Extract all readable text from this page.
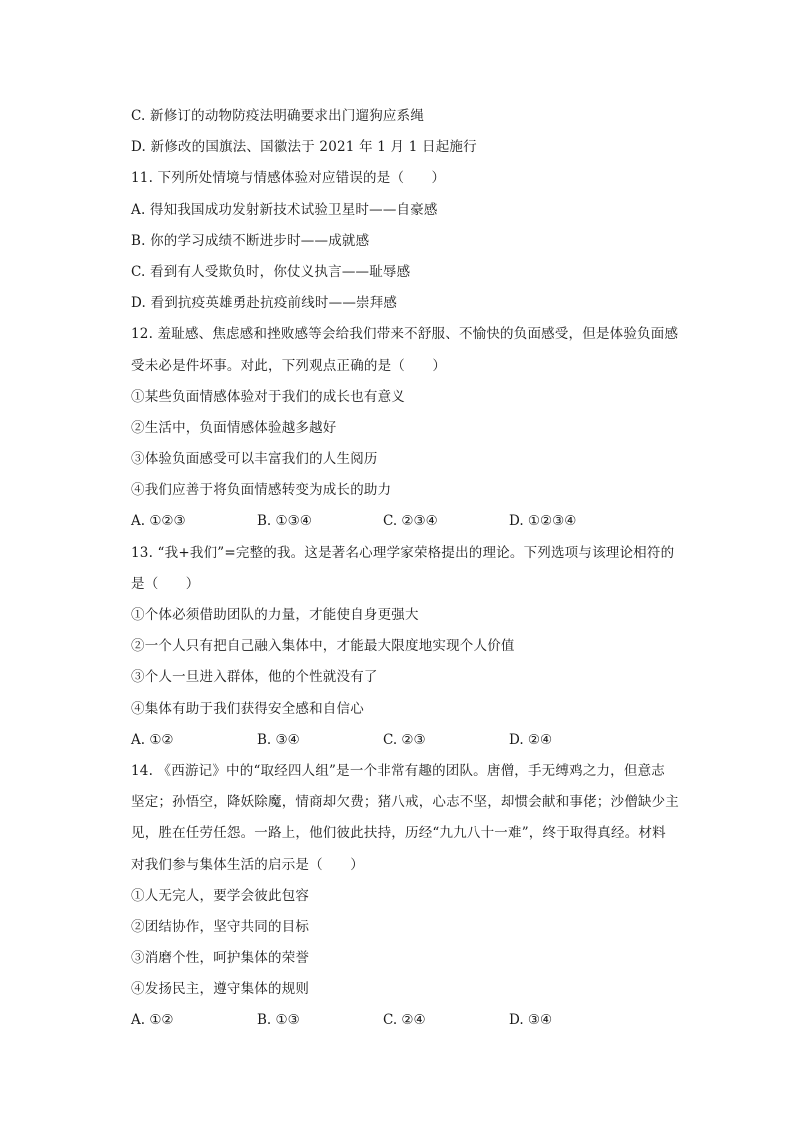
C. 新修订的动物防疫法明确要求出门遛狗应系绳
D. 新修改的国旗法、国徽法于 2021 年 1 月 1 日起施行
11. 下列所处情境与情感体验对应错误的是（　　）
A. 得知我国成功发射新技术试验卫星时——自豪感
B. 你的学习成绩不断进步时——成就感
C. 看到有人受欺负时，你仗义执言——耻辱感
D. 看到抗疫英雄勇赴抗疫前线时——崇拜感
12. 羞耻感、焦虑感和挫败感等会给我们带来不舒服、不愉快的负面感受，但是体验负面感
受未必是件坏事。对此，下列观点正确的是（　　）
①某些负面情感体验对于我们的成长也有意义
②生活中，负面情感体验越多越好
③体验负面感受可以丰富我们的人生阅历
④我们应善于将负面情感转变为成长的助力
A. ①②③	B. ①③④	C. ②③④	D. ①②③④
13. “我+我们”=完整的我。这是著名心理学家荣格提出的理论。下列选项与该理论相符的
是（　　）
①个体必须借助团队的力量，才能使自身更强大
②一个人只有把自己融入集体中，才能最大限度地实现个人价值
③个人一旦进入群体，他的个性就没有了
④集体有助于我们获得安全感和自信心
A. ①②	B. ③④	C. ②③	D. ②④
14. 《西游记》中的“取经四人组”是一个非常有趣的团队。唐僧，手无缚鸡之力，但意志
坚定；孙悟空，降妖除魔，情商却欠费；猪八戒，心志不坚，却惯会献和事佬；沙僧缺少主
见，胜在任劳任怨。一路上，他们彼此扶持，历经“九九八十一难”，终于取得真经。材料
对我们参与集体生活的启示是（　　）
①人无完人，要学会彼此包容
②团结协作，坚守共同的目标
③消磨个性，呵护集体的荣誉
④发扬民主，遵守集体的规则
A. ①②	B. ①③	C. ②④	D. ③④
